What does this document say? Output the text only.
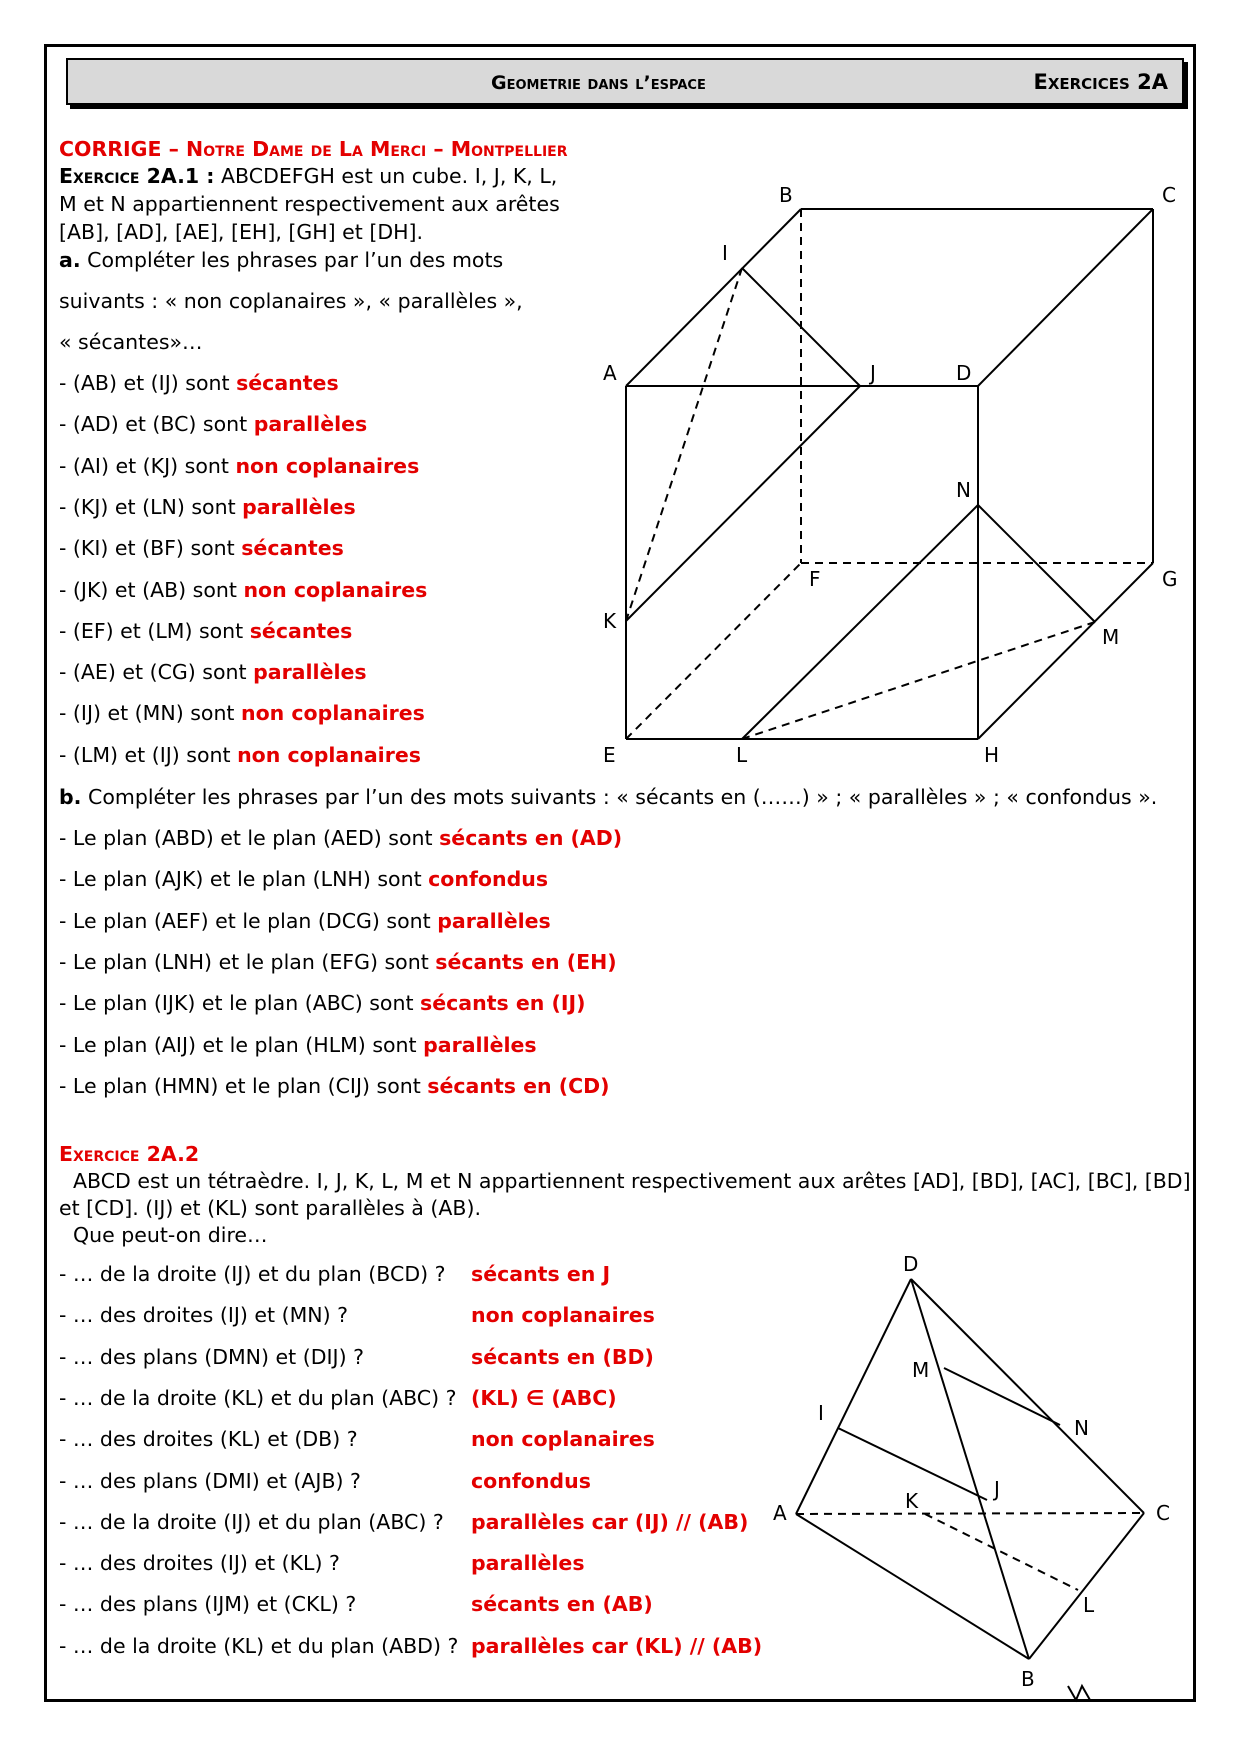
Geometrie dans l’espace	Exercices 2A
CORRIGE – Notre Dame de La Merci – Montpellier
Exercice 2A.1 : ABCDEFGH est un cube. I, J, K, L,
M et N appartiennent respectivement aux arêtes
[AB], [AD], [AE], [EH], [GH] et [DH].
a. Compléter les phrases par l’un des mots
suivants : « non coplanaires », « parallèles »,
« sécantes»…
- (AB) et (IJ) sont sécantes
- (AD) et (BC) sont parallèles
- (AI) et (KJ) sont non coplanaires
- (KJ) et (LN) sont parallèles
- (KI) et (BF) sont sécantes
- (JK) et (AB) sont non coplanaires
- (EF) et (LM) sont sécantes
- (AE) et (CG) sont parallèles
- (IJ) et (MN) sont non coplanaires
- (LM) et (IJ) sont non coplanaires
b. Compléter les phrases par l’un des mots suivants : « sécants en (……) » ; « parallèles » ; « confondus ».
- Le plan (ABD) et le plan (AED) sont sécants en (AD)
- Le plan (AJK) et le plan (LNH) sont confondus
- Le plan (AEF) et le plan (DCG) sont parallèles
- Le plan (LNH) et le plan (EFG) sont sécants en (EH)
- Le plan (IJK) et le plan (ABC) sont sécants en (IJ)
- Le plan (AIJ) et le plan (HLM) sont parallèles
- Le plan (HMN) et le plan (CIJ) sont sécants en (CD)
A
B	C
D
E
F	G
H
I
J
K
L
M
N
Exercice 2A.2
ABCD est un tétraèdre. I, J, K, L, M et N appartiennent respectivement aux arêtes [AD], [BD], [AC], [BC], [BD]
et [CD]. (IJ) et (KL) sont parallèles à (AB).
Que peut-on dire…
- … de la droite (IJ) et du plan (BCD) ? sécants en J
- … des droites (IJ) et (MN) ?	non coplanaires
- … des plans (DMN) et (DIJ) ?	sécants en (BD)
- … de la droite (KL) et du plan (ABC) ? (KL) ∈ (ABC)
- … des droites (KL) et (DB) ?	non coplanaires
- … des plans (DMI) et (AJB) ?	confondus
- … de la droite (IJ) et du plan (ABC) ? parallèles car (IJ) // (AB)
- … des droites (IJ) et (KL) ?	parallèles
- … des plans (IJM) et (CKL) ?	sécants en (AB)
- … de la droite (KL) et du plan (ABD) ? parallèles car (KL) // (AB)
D
M
I
N
J
A	K	C
L
B
